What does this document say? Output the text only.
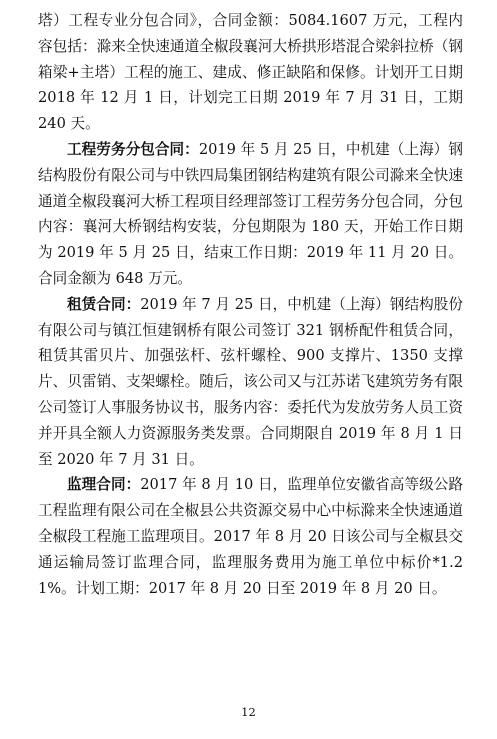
塔）工程专业分包合同》，合同金额：5084.1607 万元，工程内容包括：滁来全快速通道全椒段襄河大桥拱形塔混合梁斜拉桥（钢箱梁+主塔）工程的施工、建成、修正缺陷和保修。计划开工日期 2018 年 12 月 1 日，计划完工日期 2019 年 7 月 31 日，工期 240 天。

工程劳务分包合同：2019 年 5 月 25 日，中机建（上海）钢结构股份有限公司与中铁四局集团钢结构建筑有限公司滁来全快速通道全椒段襄河大桥工程项目经理部签订工程劳务分包合同，分包内容：襄河大桥钢结构安装，分包期限为 180 天，开始工作日期为 2019 年 5 月 25 日，结束工作日期：2019 年 11 月 20 日。合同金额为 648 万元。

租赁合同：2019 年 7 月 25 日，中机建（上海）钢结构股份有限公司与镇江恒建钢桥有限公司签订 321 钢桥配件租赁合同，租赁其雷贝片、加强弦杆、弦杆螺栓、900 支撑片、1350 支撑片、贝雷销、支架螺栓。随后，该公司又与江苏诺飞建筑劳务有限公司签订人事服务协议书，服务内容：委托代为发放劳务人员工资并开具全额人力资源服务类发票。合同期限自 2019 年 8 月 1 日至 2020 年 7 月 31 日。

监理合同：2017 年 8 月 10 日，监理单位安徽省高等级公路工程监理有限公司在全椒县公共资源交易中心中标滁来全快速通道全椒段工程施工监理项目。2017 年 8 月 20 日该公司与全椒县交通运输局签订监理合同，监理服务费用为施工单位中标价*1.21%。计划工期：2017 年 8 月 20 日至 2019 年 8 月 20 日。

12
